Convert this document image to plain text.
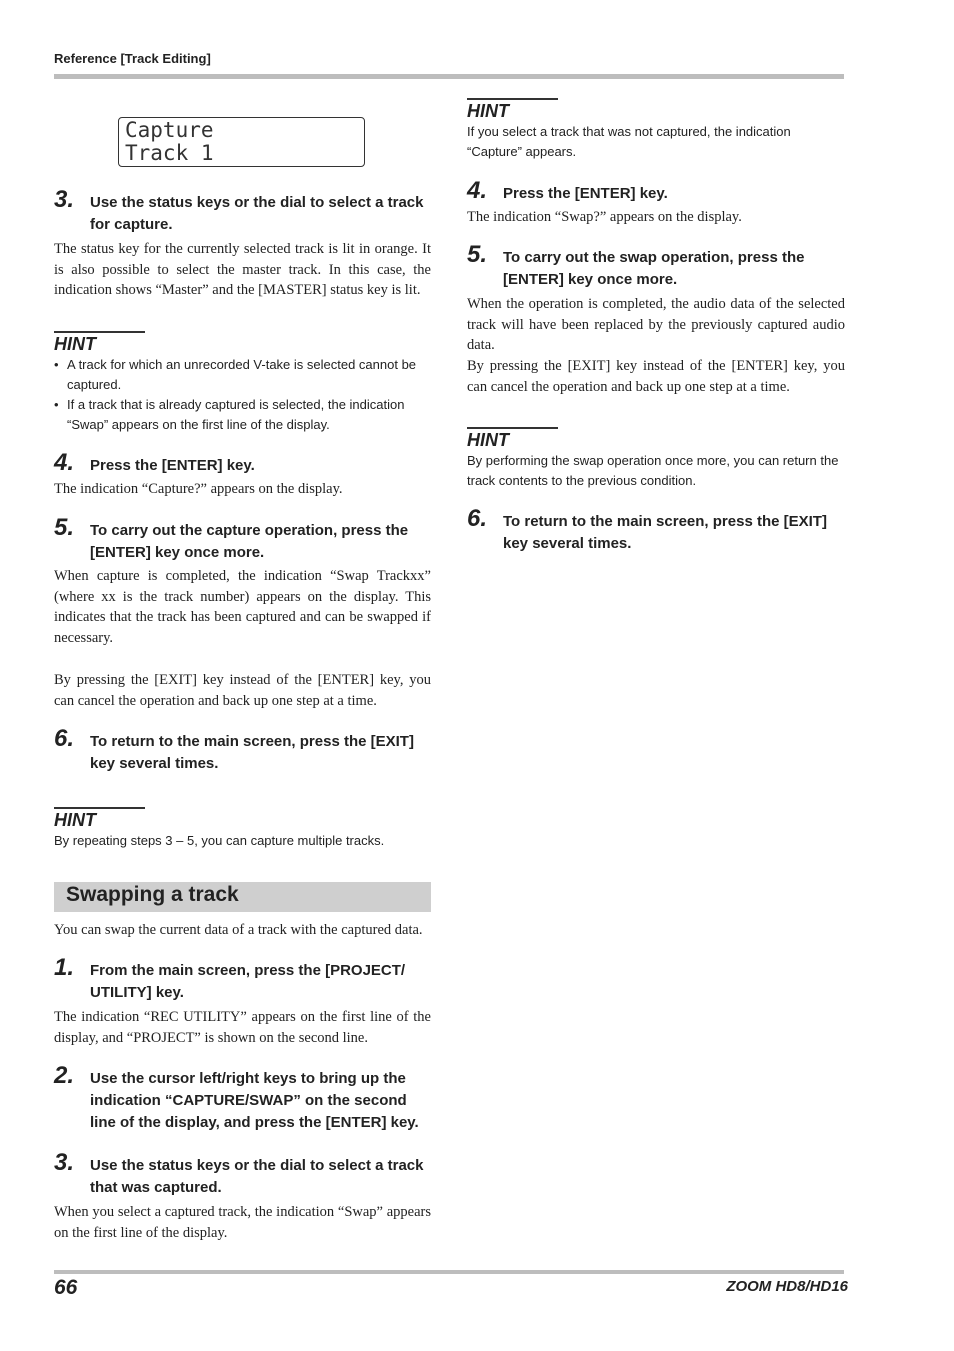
Reference [Track Editing]
Capture
Track 1
3. Use the status keys or the dial to select a track for capture.
The status key for the currently selected track is lit in orange. It is also possible to select the master track. In this case, the indication shows “Master” and the [MASTER] status key is lit.
HINT
• A track for which an unrecorded V-take is selected cannot be captured.
• If a track that is already captured is selected, the indication “Swap” appears on the first line of the display.
4. Press the [ENTER] key.
The indication “Capture?” appears on the display.
5. To carry out the capture operation, press the [ENTER] key once more.
When capture is completed, the indication “Swap Trackxx” (where xx is the track number) appears on the display. This indicates that the track has been captured and can be swapped if necessary.
By pressing the [EXIT] key instead of the [ENTER] key, you can cancel the operation and back up one step at a time.
6. To return to the main screen, press the [EXIT] key several times.
HINT
By repeating steps 3 – 5, you can capture multiple tracks.
Swapping a track
You can swap the current data of a track with the captured data.
1. From the main screen, press the [PROJECT/ UTILITY] key.
The indication “REC UTILITY” appears on the first line of the display, and “PROJECT” is shown on the second line.
2. Use the cursor left/right keys to bring up the indication “CAPTURE/SWAP” on the second line of the display, and press the [ENTER] key.
3. Use the status keys or the dial to select a track that was captured.
When you select a captured track, the indication “Swap” appears on the first line of the display.
HINT
If you select a track that was not captured, the indication “Capture” appears.
4. Press the [ENTER] key.
The indication “Swap?” appears on the display.
5. To carry out the swap operation, press the [ENTER] key once more.
When the operation is completed, the audio data of the selected track will have been replaced by the previously captured audio data.
By pressing the [EXIT] key instead of the [ENTER] key, you can cancel the operation and back up one step at a time.
HINT
By performing the swap operation once more, you can return the track contents to the previous condition.
6. To return to the main screen, press the [EXIT] key several times.
66	ZOOM HD8/HD16
